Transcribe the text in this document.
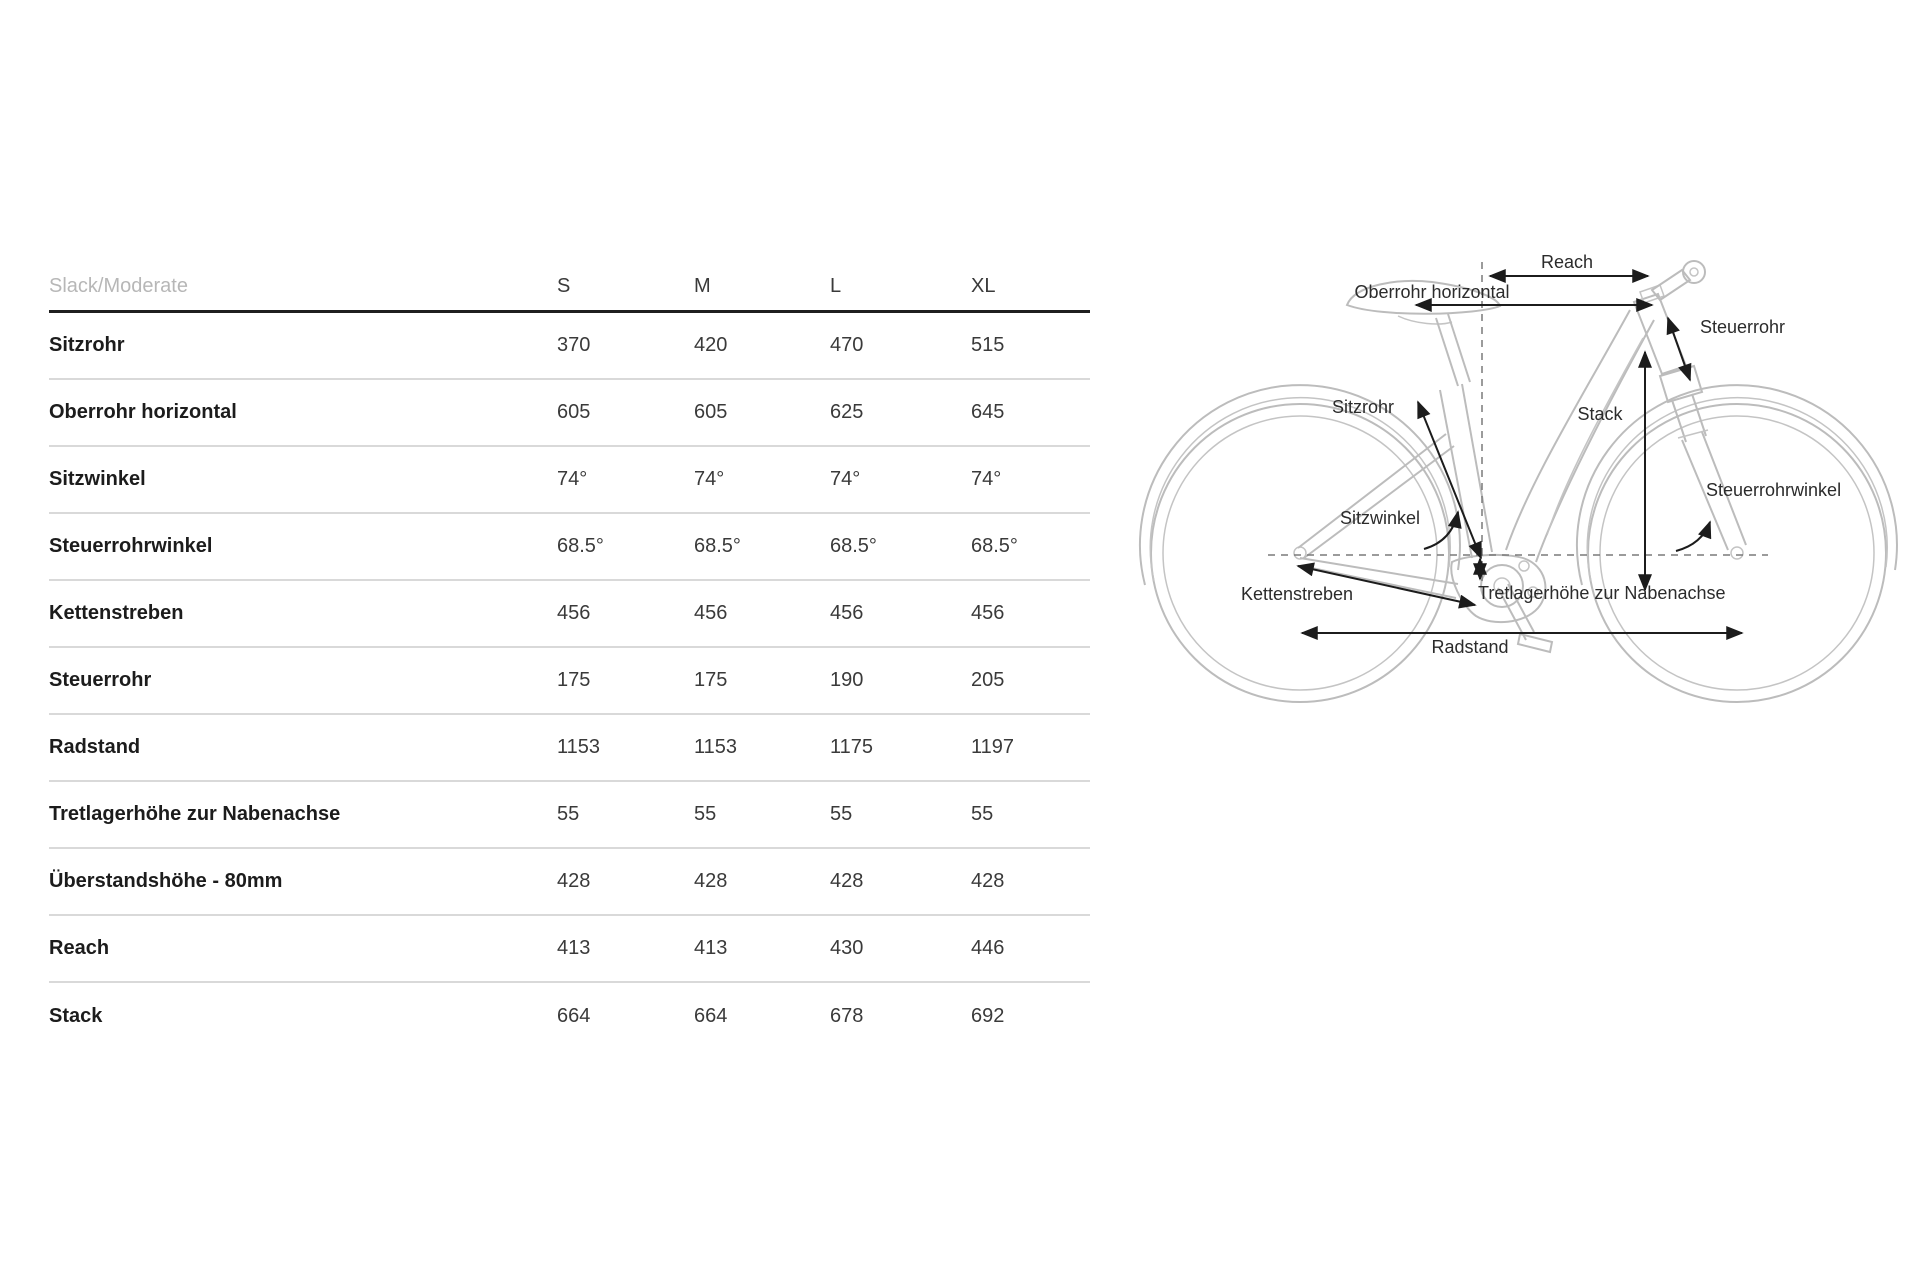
Slack/Moderate	S	M	L	XL
Sitzrohr	370	420	470	515
Oberrohr horizontal	605	605	625	645
Sitzwinkel	74°	74°	74°	74°
Steuerrohrwinkel	68.5°	68.5°	68.5°	68.5°
Kettenstreben	456	456	456	456
Steuerrohr	175	175	190	205
Radstand	1153	1153	1175	1197
Tretlagerhöhe zur Nabenachse	55	55	55	55
Überstandshöhe - 80mm	428	428	428	428
Reach	413	413	430	446
Stack	664	664	678	692
Reach
Oberrohr horizontal
Steuerrohr
Sitzrohr	Stack
Steuerrohrwinkel
Sitzwinkel
Kettenstreben	Tretlagerhöhe zur Nabenachse
Radstand
